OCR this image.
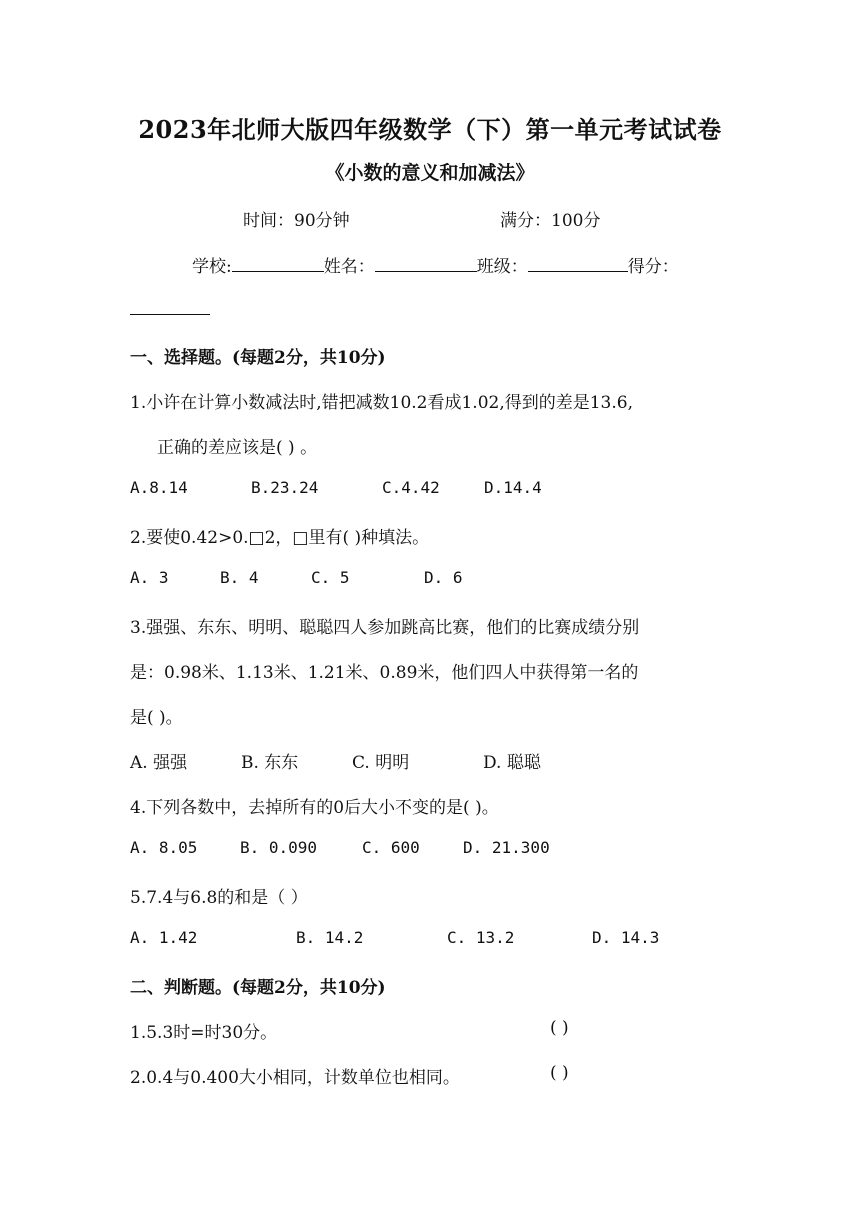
2023年北师大版四年级数学（下）第一单元考试试卷
《小数的意义和加减法》
时间：90分钟	满分：100分
学校:	姓名：	班级：	得分：
一、选择题。(每题2分，共10分)
1.小许在计算小数减法时,错把减数10.2看成1.02,得到的差是13.6,
正确的差应该是( ) 。
A.8.14	B.23.24	C.4.42	D.14.4
2.要使0.42>0.□2，□里有( )种填法。
A. 3	B. 4	C. 5	D. 6
3.强强、东东、明明、聪聪四人参加跳高比赛，他们的比赛成绩分别
是：0.98米、1.13米、1.21米、0.89米，他们四人中获得第一名的
是( )。
A. 强强	B. 东东	C. 明明	D. 聪聪
4.下列各数中，去掉所有的0后大小不变的是( )。
A. 8.05	B. 0.090	C. 600	D. 21.300
5.7.4与6.8的和是（ ）
A. 1.42	B. 14.2	C. 13.2	D. 14.3
二、判断题。(每题2分，共10分)
1.5.3时=时30分。	( )
2.0.4与0.400大小相同，计数单位也相同。	( )
